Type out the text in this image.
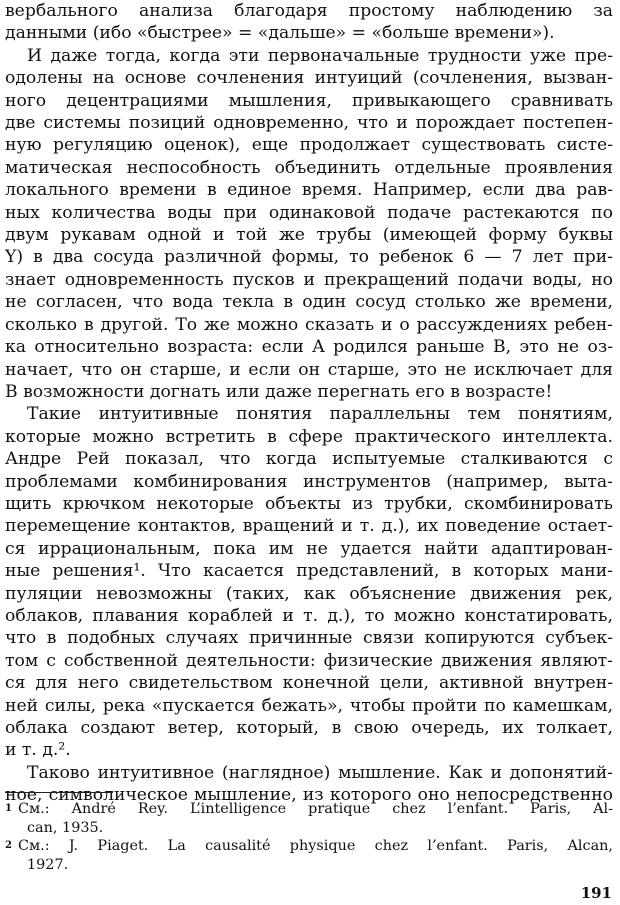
вербального анализа благодаря простому наблюдению за
данными (ибо «быстрее» = «дальше» = «больше времени»).
И даже тогда, когда эти первоначальные трудности уже пре-
одолены на основе сочленения интуиций (сочленения, вызван-
ного децентрациями мышления, привыкающего сравнивать
две системы позиций одновременно, что и порождает постепен-
ную регуляцию оценок), еще продолжает существовать систе-
матическая неспособность объединить отдельные проявления
локального времени в единое время. Например, если два рав-
ных количества воды при одинаковой подаче растекаются по
двум рукавам одной и той же трубы (имеющей форму буквы
Y) в два сосуда различной формы, то ребенок 6 — 7 лет при-
знает одновременность пусков и прекращений подачи воды, но
не согласен, что вода текла в один сосуд столько же времени,
сколько в другой. То же можно сказать и о рассуждениях ребен-
ка относительно возраста: если A родился раньше B, это не оз-
начает, что он старше, и если он старше, это не исключает для
B возможности догнать или даже перегнать его в возрасте!
Такие интуитивные понятия параллельны тем понятиям,
которые можно встретить в сфере практического интеллекта.
Андре Рей показал, что когда испытуемые сталкиваются с
проблемами комбинирования инструментов (например, выта-
щить крючком некоторые объекты из трубки, скомбинировать
перемещение контактов, вращений и т. д.), их поведение остает-
ся иррациональным, пока им не удается найти адаптирован-
ные решения¹. Что касается представлений, в которых мани-
пуляции невозможны (таких, как объяснение движения рек,
облаков, плавания кораблей и т. д.), то можно констатировать,
что в подобных случаях причинные связи копируются субъек-
том с собственной деятельности: физические движения являют-
ся для него свидетельством конечной цели, активной внутрен-
ней силы, река «пускается бежать», чтобы пройти по камешкам,
облака создают ветер, который, в свою очередь, их толкает,
и т. д.².
Таково интуитивное (наглядное) мышление. Как и допонятий-
ное, символическое мышление, из которого оно непосредственно
$^1$ См.: André Rey. L’intelligence pratique chez l’enfant. Paris, Al-
can, 1935.
$^2$ См.: J. Piaget. La causalité physique chez l’enfant. Paris, Alcan,
1927.
191
